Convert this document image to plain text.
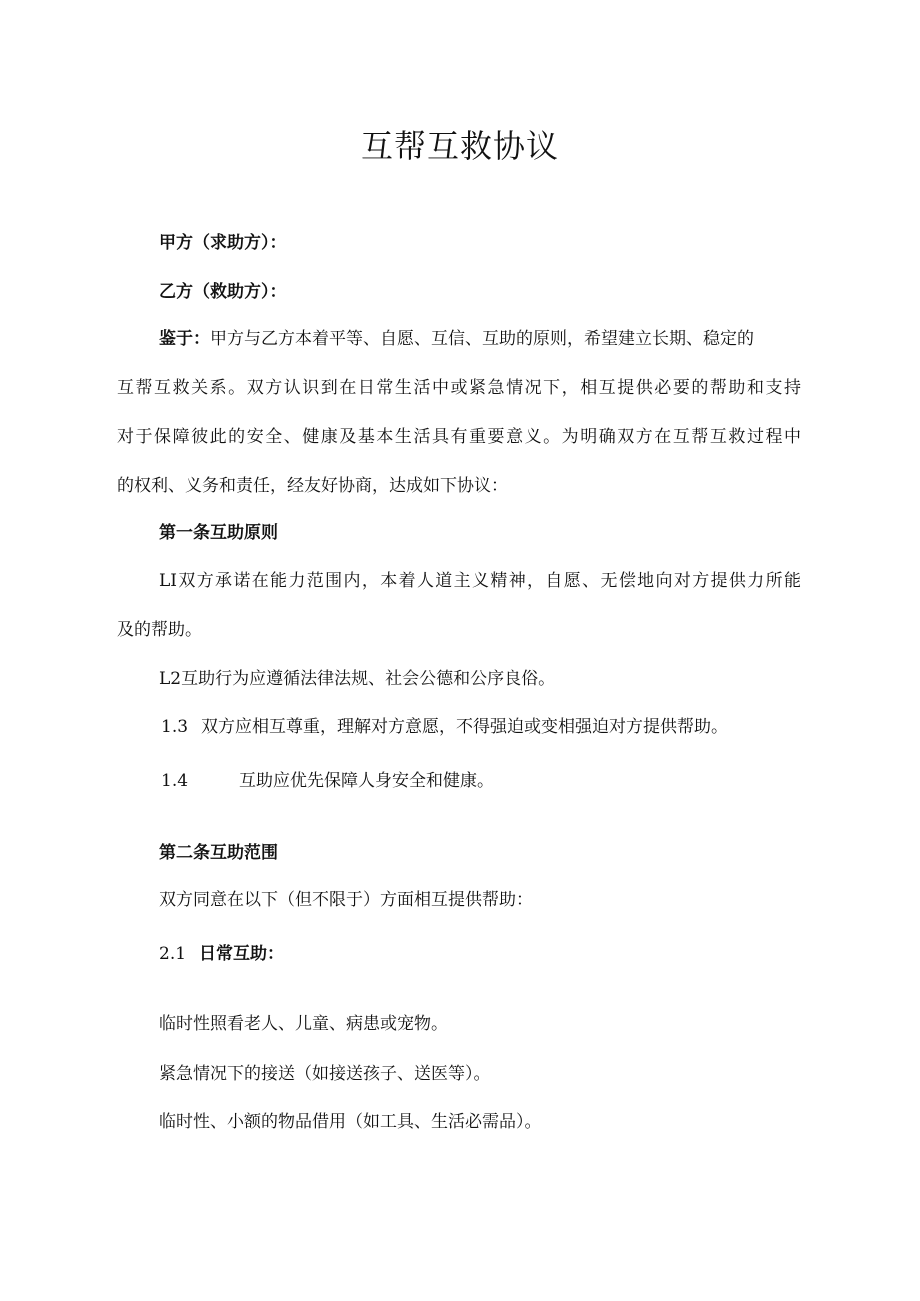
互帮互救协议
甲方（求助方）：
乙方（救助方）：
鉴于：甲方与乙方本着平等、自愿、互信、互助的原则，希望建立长期、稳定的
互帮互救关系。双方认识到在日常生活中或紧急情况下，相互提供必要的帮助和支持
对于保障彼此的安全、健康及基本生活具有重要意义。为明确双方在互帮互救过程中
的权利、义务和责任，经友好协商，达成如下协议：
第一条互助原则
LI双方承诺在能力范围内，本着人道主义精神，自愿、无偿地向对方提供力所能
及的帮助。
L2互助行为应遵循法律法规、社会公德和公序良俗。
1.3 双方应相互尊重，理解对方意愿，不得强迫或变相强迫对方提供帮助。
1.4	互助应优先保障人身安全和健康。
第二条互助范围
双方同意在以下（但不限于）方面相互提供帮助：
2.1 日常互助：
临时性照看老人、儿童、病患或宠物。
紧急情况下的接送（如接送孩子、送医等）。
临时性、小额的物品借用（如工具、生活必需品）。
